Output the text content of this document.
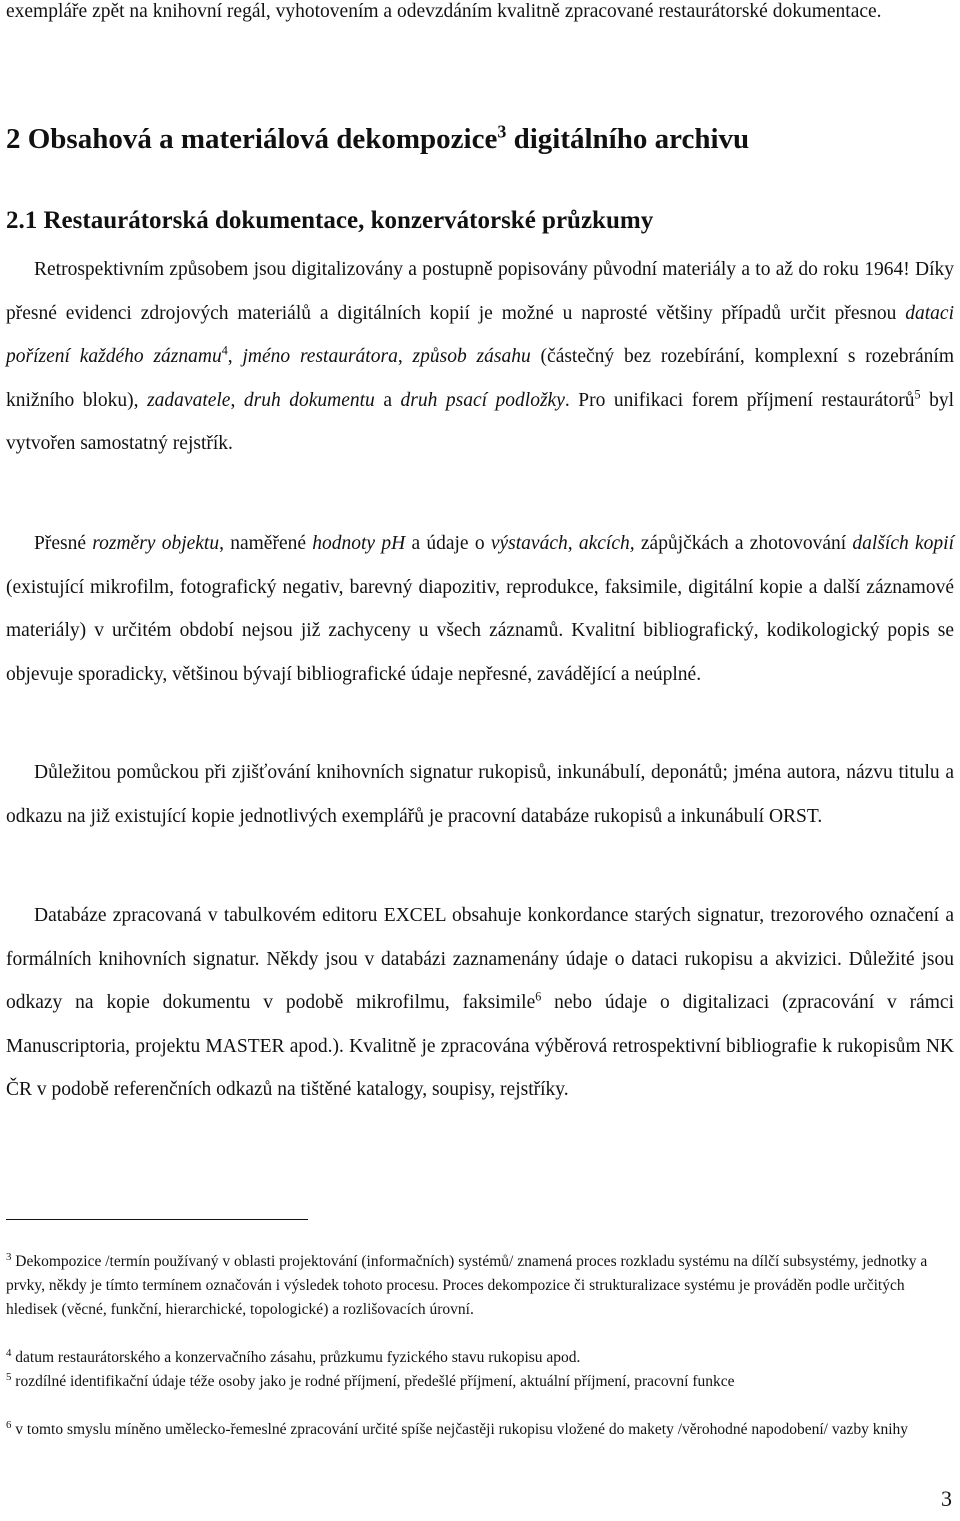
exempláře zpět na knihovní regál, vyhotovením a odevzdáním kvalitně zpracované restaurátorské dokumentace.

2 Obsahová a materiálová dekompozice$^3$ digitálního archivu
2.1 Restaurátorská dokumentace, konzervátorské průzkumy

Retrospektivním způsobem jsou digitalizovány a postupně popisovány původní materiály a to až do roku 1964! Díky přesné evidenci zdrojových materiálů a digitálních kopií je možné u naprosté většiny případů určit přesnou dataci pořízení každého záznamu$^4$, jméno restaurátora, způsob zásahu (částečný bez rozebírání, komplexní s rozebráním knižního bloku), zadavatele, druh dokumentu a druh psací podložky. Pro unifikaci forem příjmení restaurátorů$^5$ byl vytvořen samostatný rejstřík.

Přesné rozměry objektu, naměřené hodnoty pH a údaje o výstavách, akcích, zápůjčkách a zhotovování dalších kopií (existující mikrofilm, fotografický negativ, barevný diapozitiv, reprodukce, faksimile, digitální kopie a další záznamové materiály) v určitém období nejsou již zachyceny u všech záznamů. Kvalitní bibliografický, kodikologický popis se objevuje sporadicky, většinou bývají bibliografické údaje nepřesné, zavádějící a neúplné.

Důležitou pomůckou při zjišťování knihovních signatur rukopisů, inkunábulí, deponátů; jména autora, názvu titulu a odkazu na již existující kopie jednotlivých exemplářů je pracovní databáze rukopisů a inkunábulí ORST.

Databáze zpracovaná v tabulkovém editoru EXCEL obsahuje konkordance starých signatur, trezorového označení a formálních knihovních signatur. Někdy jsou v databázi zaznamenány údaje o dataci rukopisu a akvizici. Důležité jsou odkazy na kopie dokumentu v podobě mikrofilmu, faksimile$^6$ nebo údaje o digitalizaci (zpracování v rámci Manuscriptoria, projektu MASTER apod.). Kvalitně je zpracována výběrová retrospektivní bibliografie k rukopisům NK ČR v podobě referenčních odkazů na tištěné katalogy, soupisy, rejstříky.

$^3$ Dekompozice /termín používaný v oblasti projektování (informačních) systémů/ znamená proces rozkladu systému na dílčí subsystémy, jednotky a prvky, někdy je tímto termínem označován i výsledek tohoto procesu. Proces dekompozice či strukturalizace systému je prováděn podle určitých hledisek (věcné, funkční, hierarchické, topologické) a rozlišovacích úrovní.

$^4$ datum restaurátorského a konzervačního zásahu, průzkumu fyzického stavu rukopisu apod.

$^5$ rozdílné identifikační údaje téže osoby jako je rodné příjmení, předešlé příjmení, aktuální příjmení, pracovní funkce

$^6$ v tomto smyslu míněno umělecko-řemeslné zpracování určité spíše nejčastěji rukopisu vložené do makety /věrohodné napodobení/ vazby knihy

3
